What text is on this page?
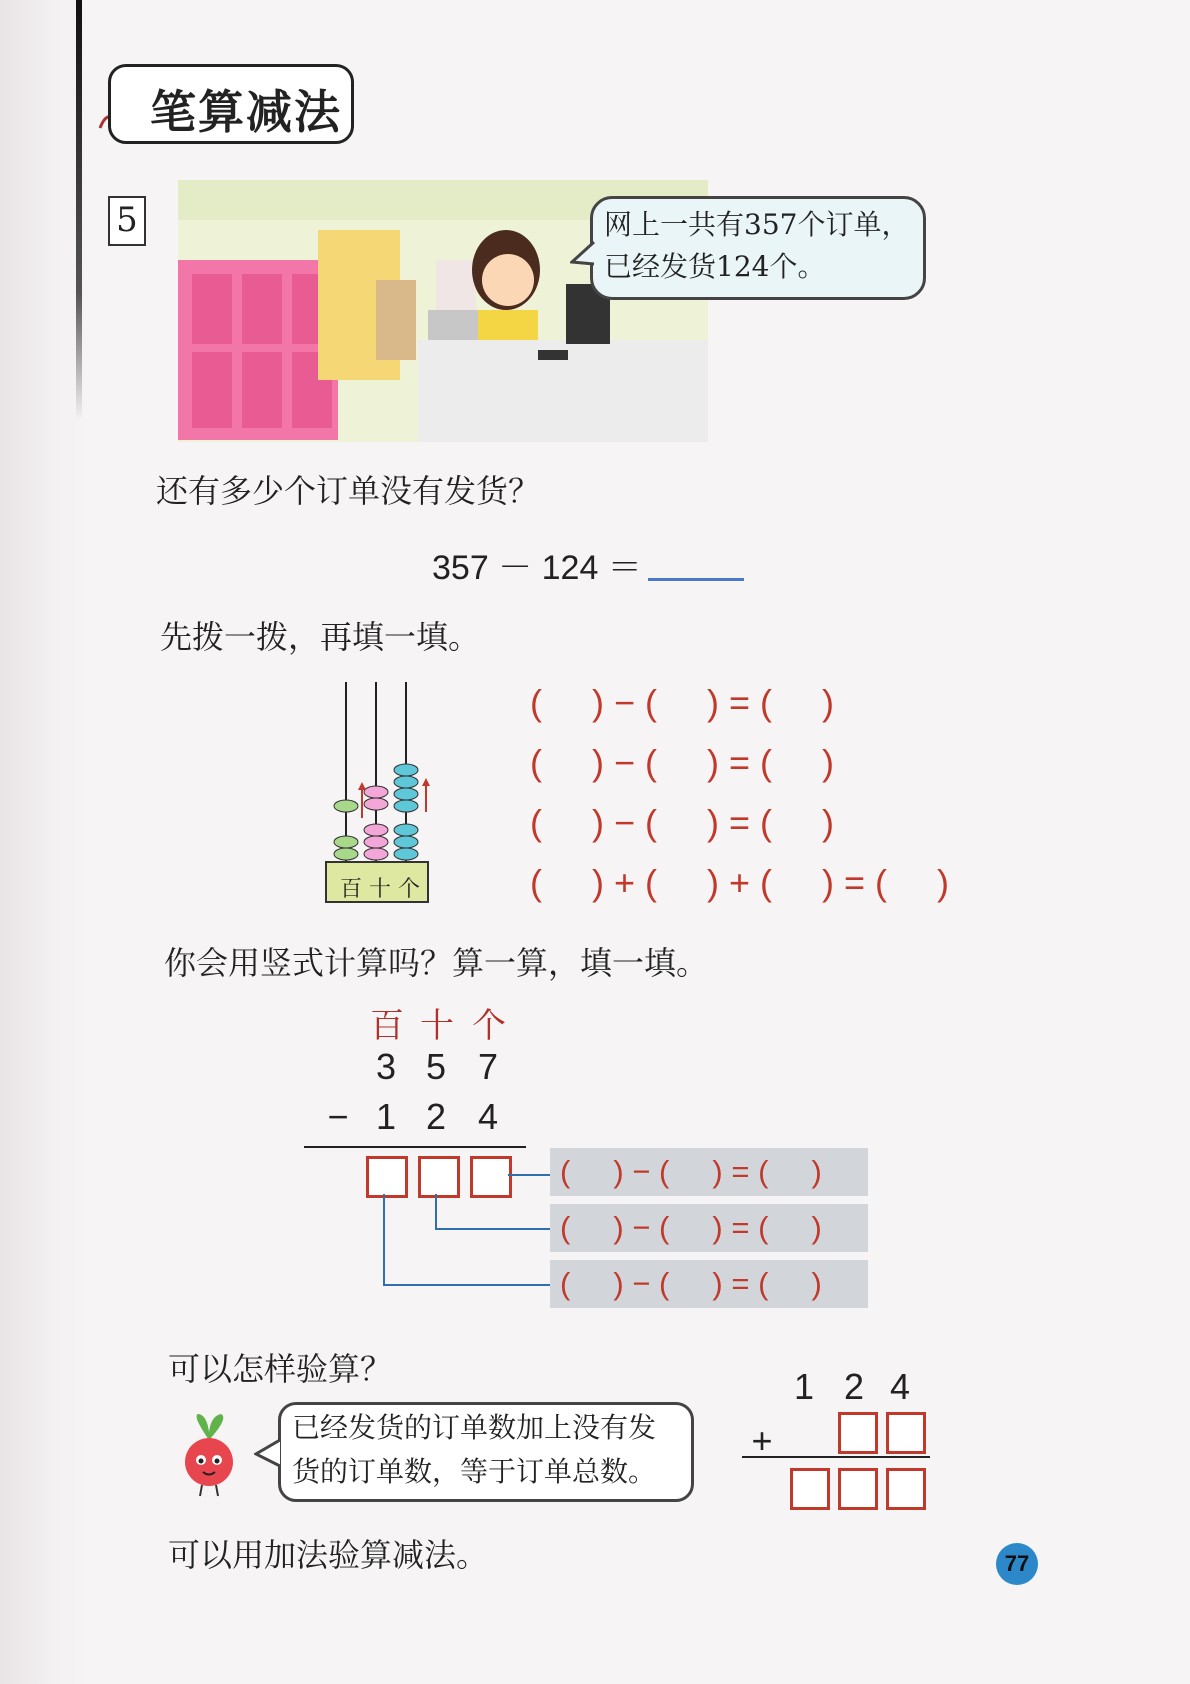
笔算减法
5	网上一共有357个订单，
已经发货124个。
还有多少个订单没有发货？
357 － 124 ＝
先拨一拨，再填一填。
百 十 个
(     ) − (     ) = (     )
(     ) − (     ) = (     )
(     ) − (     ) = (     )
(     ) + (     ) + (     ) = (     )
你会用竖式计算吗？算一算，填一填。
百 十 个
3 5 7
− 1 2 4
(     ) − (     ) = (     )
(     ) − (     ) = (     )
(     ) − (     ) = (     )
可以怎样验算？
已经发货的订单数加上没有发
货的订单数，等于订单总数。
1 2 4
+
可以用加法验算减法。	77
